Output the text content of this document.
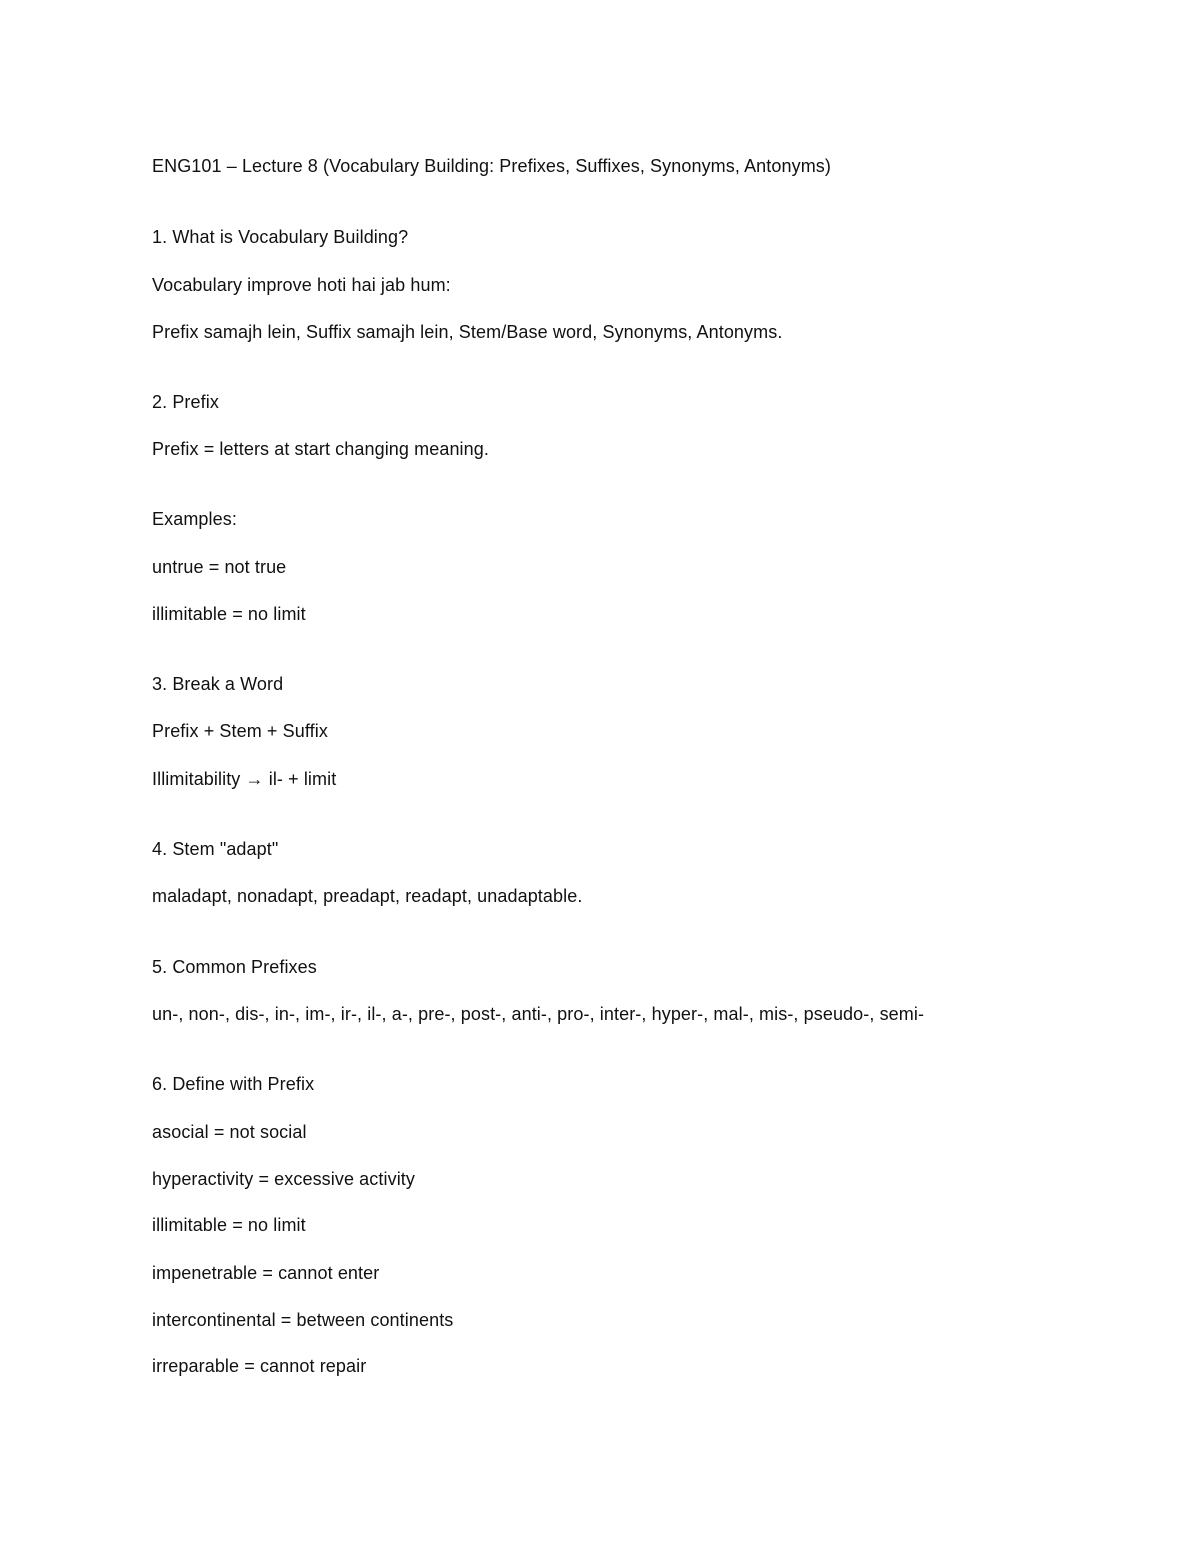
ENG101 – Lecture 8 (Vocabulary Building: Prefixes, Suffixes, Synonyms, Antonyms)
1. What is Vocabulary Building?
Vocabulary improve hoti hai jab hum:
Prefix samajh lein, Suffix samajh lein, Stem/Base word, Synonyms, Antonyms.
2. Prefix
Prefix = letters at start changing meaning.
Examples:
untrue = not true
illimitable = no limit
3. Break a Word
Prefix + Stem + Suffix
Illimitability → il- + limit
4. Stem "adapt"
maladapt, nonadapt, preadapt, readapt, unadaptable.
5. Common Prefixes
un-, non-, dis-, in-, im-, ir-, il-, a-, pre-, post-, anti-, pro-, inter-, hyper-, mal-, mis-, pseudo-, semi-
6. Define with Prefix
asocial = not social
hyperactivity = excessive activity
illimitable = no limit
impenetrable = cannot enter
intercontinental = between continents
irreparable = cannot repair
